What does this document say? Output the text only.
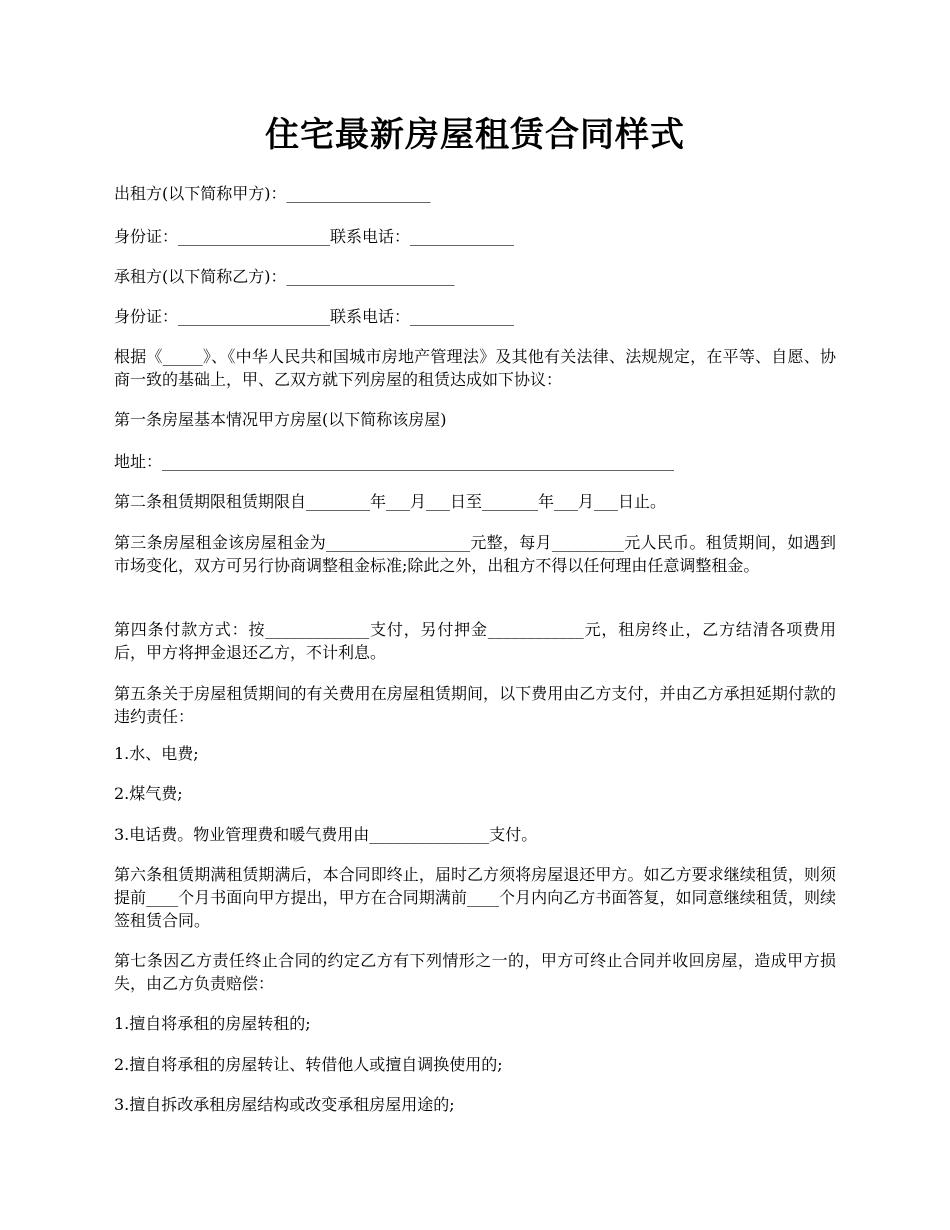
住宅最新房屋租赁合同样式
出租方(以下简称甲方)：__________________
身份证：___________________联系电话：_____________
承租方(以下简称乙方)：_____________________
身份证：___________________联系电话：_____________
根据《_____》、《中华人民共和国城市房地产管理法》及其他有关法律、法规规定，在平等、自愿、协商一致的基础上，甲、乙双方就下列房屋的租赁达成如下协议：
第一条房屋基本情况甲方房屋(以下简称该房屋)
地址：________________________________________________________________
第二条租赁期限租赁期限自________年___月___日至_______年___月___日止。
第三条房屋租金该房屋租金为__________________元整，每月_________元人民币。租赁期间，如遇到市场变化，双方可另行协商调整租金标准;除此之外，出租方不得以任何理由任意调整租金。
第四条付款方式：按_____________支付，另付押金____________元，租房终止，乙方结清各项费用后，甲方将押金退还乙方，不计利息。
第五条关于房屋租赁期间的有关费用在房屋租赁期间，以下费用由乙方支付，并由乙方承担延期付款的违约责任：
1.水、电费;
2.煤气费;
3.电话费。物业管理费和暖气费用由_______________支付。
第六条租赁期满租赁期满后，本合同即终止，届时乙方须将房屋退还甲方。如乙方要求继续租赁，则须提前____个月书面向甲方提出，甲方在合同期满前____个月内向乙方书面答复，如同意继续租赁，则续签租赁合同。
第七条因乙方责任终止合同的约定乙方有下列情形之一的，甲方可终止合同并收回房屋，造成甲方损失，由乙方负责赔偿：
1.擅自将承租的房屋转租的;
2.擅自将承租的房屋转让、转借他人或擅自调换使用的;
3.擅自拆改承租房屋结构或改变承租房屋用途的;
